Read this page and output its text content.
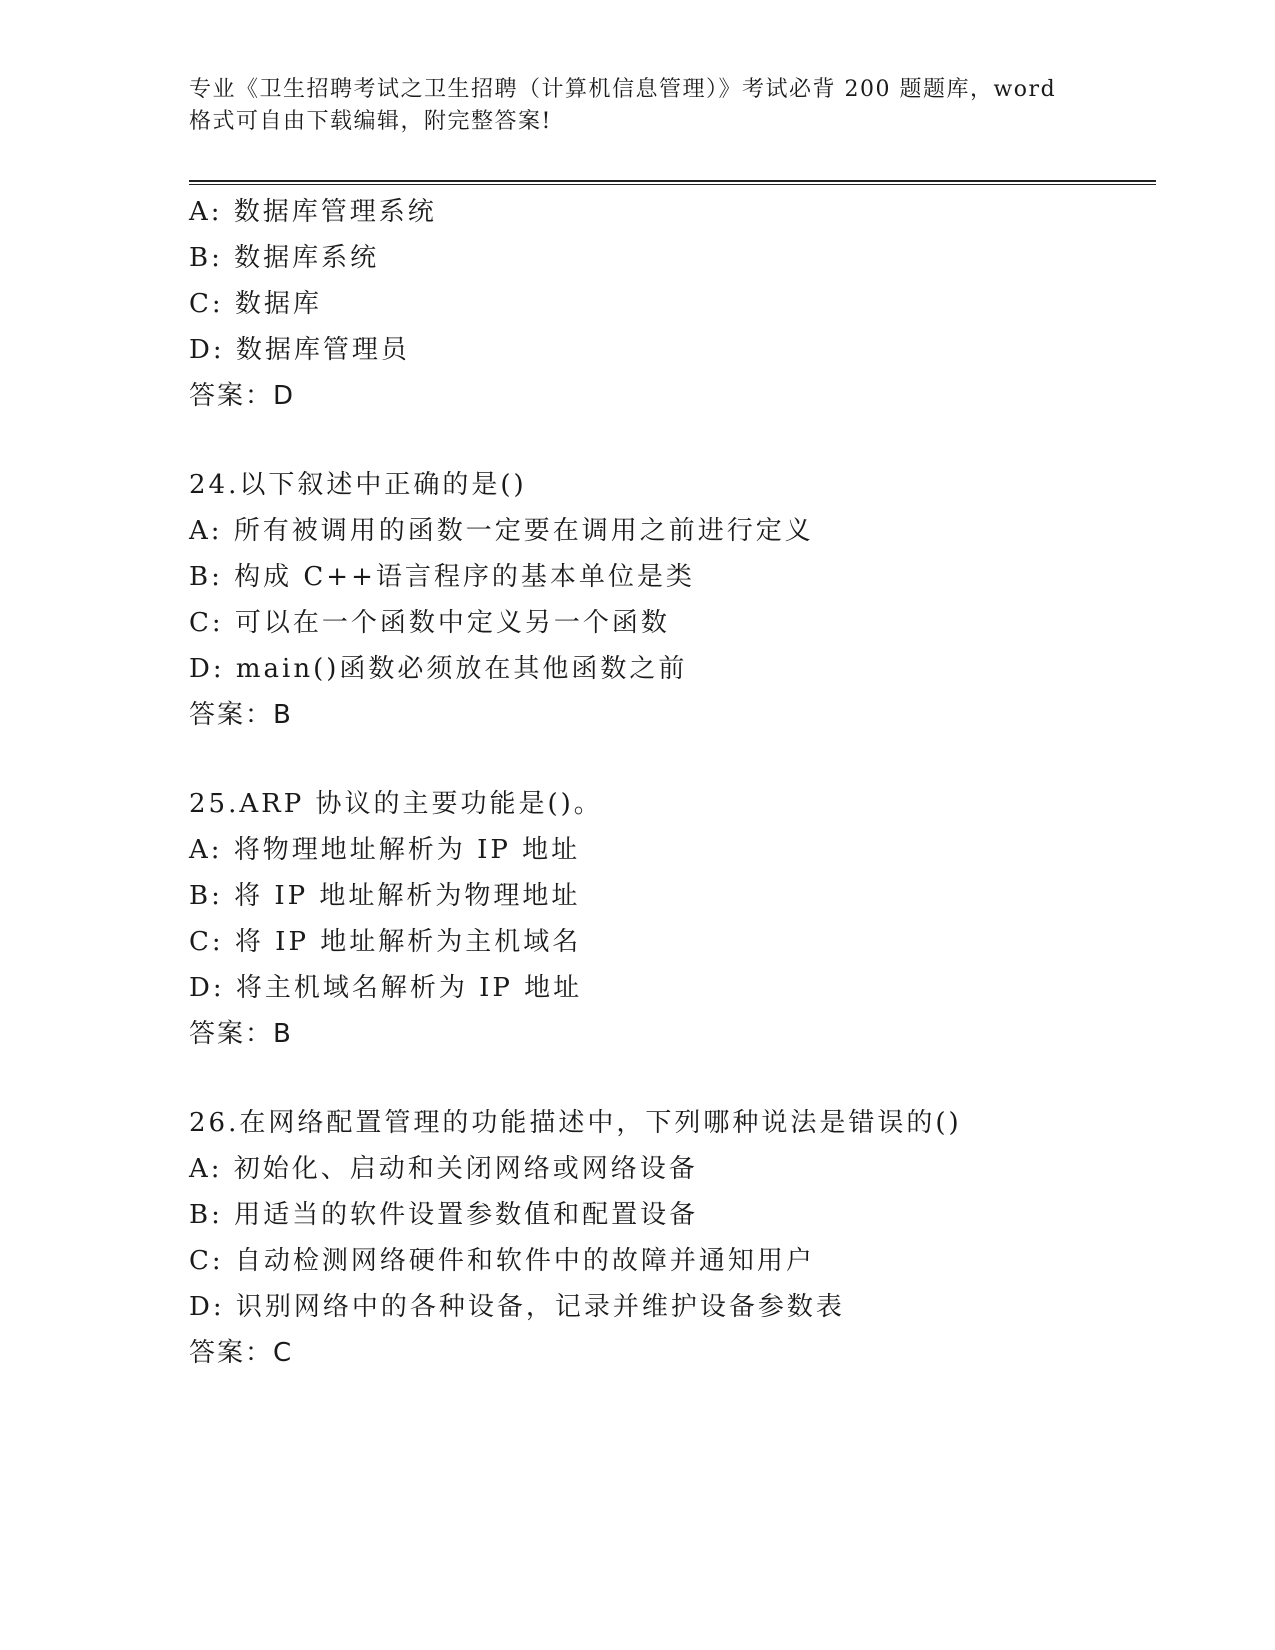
专业《卫生招聘考试之卫生招聘（计算机信息管理）》考试必背 200 题题库，word
格式可自由下载编辑，附完整答案!
A: 数据库管理系统
B: 数据库系统
C: 数据库
D: 数据库管理员
答案：D
24.以下叙述中正确的是()
A: 所有被调用的函数一定要在调用之前进行定义
B: 构成 C++语言程序的基本单位是类
C: 可以在一个函数中定义另一个函数
D: main()函数必须放在其他函数之前
答案：B
25.ARP 协议的主要功能是()。
A: 将物理地址解析为 IP 地址
B: 将 IP 地址解析为物理地址
C: 将 IP 地址解析为主机域名
D: 将主机域名解析为 IP 地址
答案：B
26.在网络配置管理的功能描述中，下列哪种说法是错误的()
A: 初始化、启动和关闭网络或网络设备
B: 用适当的软件设置参数值和配置设备
C: 自动检测网络硬件和软件中的故障并通知用户
D: 识别网络中的各种设备，记录并维护设备参数表
答案：C
